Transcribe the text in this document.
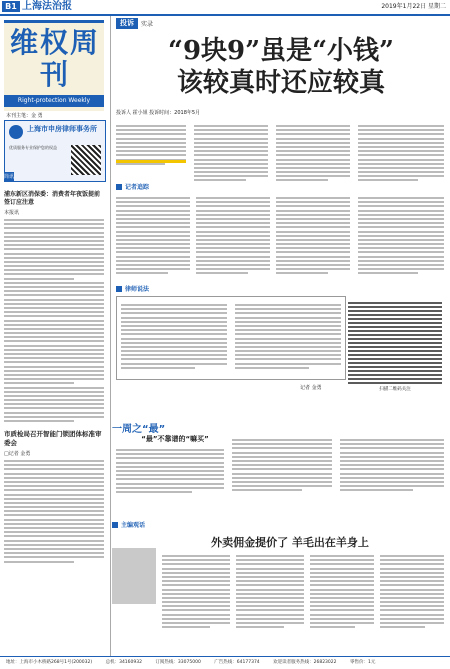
B1 上海法治报	2019年1月22日 星期二
维权周刊
Right-protection Weekly
本刊主笔：金 勇
上海市申房律师事务所
优质服务专业保护您的权益
简讯

浦东新区消保委：消费者年夜饭提前签订应注意

本报讯

市质检局召开智能门锁团体标准审委会

□记者 金勇
投诉	实录
“9块9”虽是“小钱”
该较真时还应较真
投诉人 霍小姐 投诉时间：2018年5月
记者追踪
律师说法
记者 金勇	扫描二维码关注
一周之“最”
“最”不靠谱的“嘛买”
主编观话
外卖佣金提价了 羊毛出在羊身上
地址：上海市小木桥路268号1号(200032)	总机：34160932	订阅热线：33075000	广告热线：64177374	欢迎读者服务热线：26823022	零售价：1元
